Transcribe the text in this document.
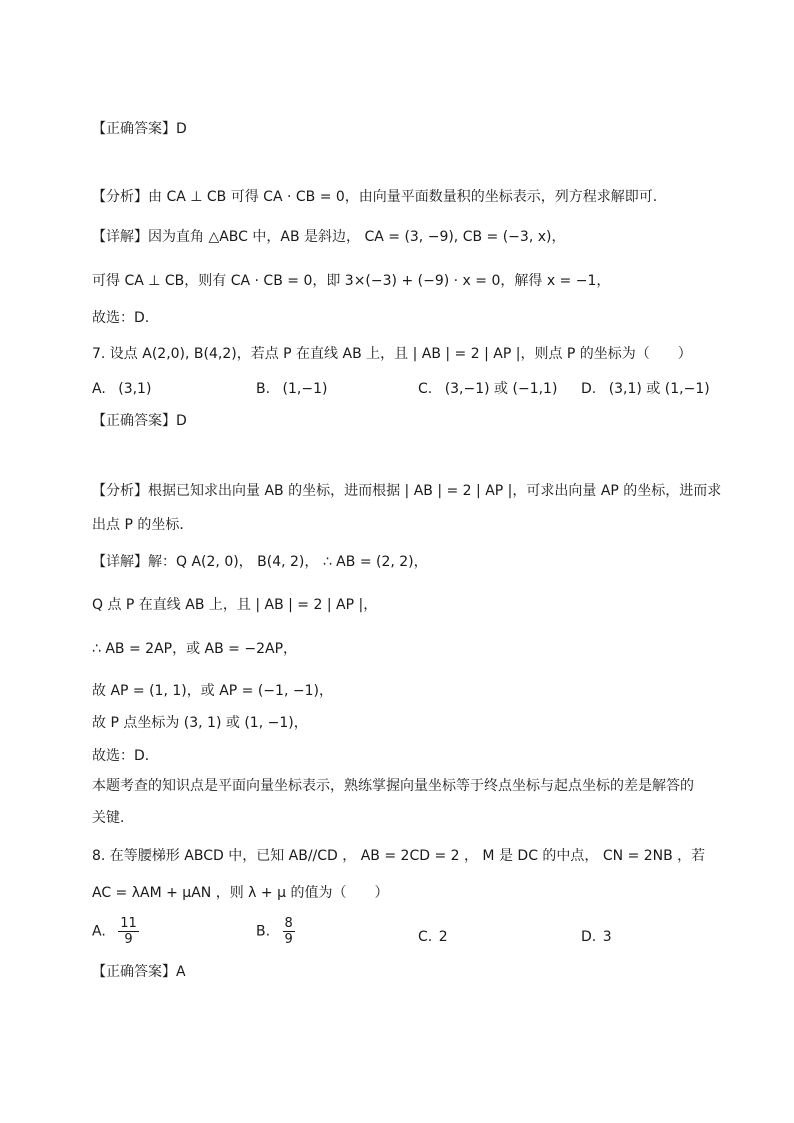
【正确答案】D
【分析】由 CA ⊥ CB 可得 CA · CB = 0，由向量平面数量积的坐标表示，列方程求解即可.
【详解】因为直角 △ABC 中，AB 是斜边， CA = (3, −9), CB = (−3, x)，
可得 CA ⊥ CB，则有 CA · CB = 0，即 3×(−3) + (−9) · x = 0，解得 x = −1，
故选：D.
7. 设点 A(2,0), B(4,2)，若点 P 在直线 AB 上，且 | AB | = 2 | AP |，则点 P 的坐标为（　　）
A. (3,1)	B. (1,−1)	C. (3,−1) 或 (−1,1) D. (3,1) 或 (1,−1)
【正确答案】D
【分析】根据已知求出向量 AB 的坐标，进而根据 | AB | = 2 | AP |，可求出向量 AP 的坐标，进而求
出点 P 的坐标．
【详解】解：Q A(2, 0)， B(4, 2)， ∴ AB = (2, 2)，
Q 点 P 在直线 AB 上，且 | AB | = 2 | AP |，
∴ AB = 2AP，或 AB = −2AP，
故 AP = (1, 1)，或 AP = (−1, −1)，
故 P 点坐标为 (3, 1) 或 (1, −1)，
故选：D．
本题考查的知识点是平面向量坐标表示，熟练掌握向量坐标等于终点坐标与起点坐标的差是解答的
关键．
8. 在等腰梯形 ABCD 中，已知 AB//CD ， AB = 2CD = 2 ， M 是 DC 的中点， CN = 2NB ，若
AC = λAM + μAN ，则 λ + μ 的值为（　　）
A. $\frac{11}{9}$	B. $\frac{8}{9}$	C. 2	D. 3
【正确答案】A
